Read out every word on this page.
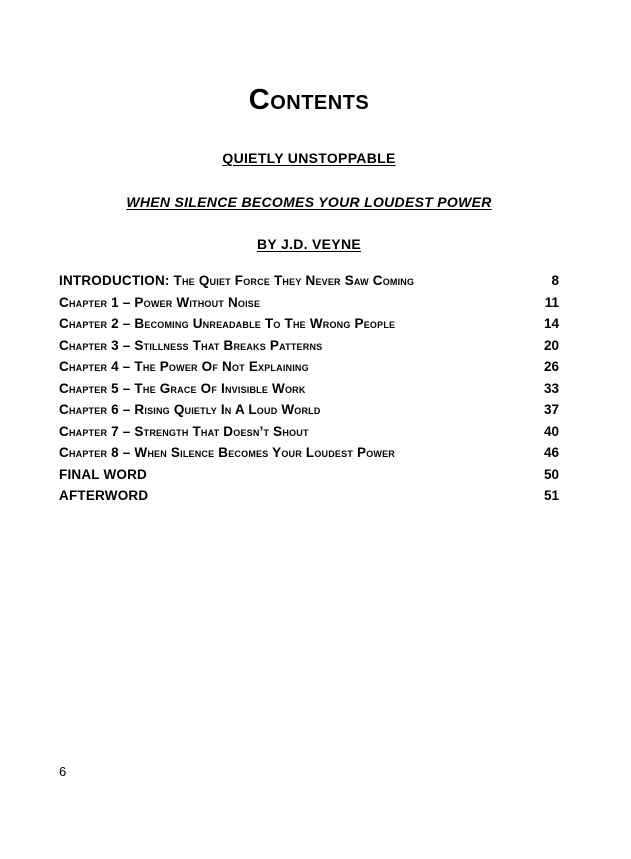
Contents
QUIETLY UNSTOPPABLE
WHEN SILENCE BECOMES YOUR LOUDEST POWER
BY J.D. VEYNE
INTRODUCTION: The Quiet Force They Never Saw Coming	8
Chapter 1 – Power Without Noise	11
Chapter 2 – Becoming Unreadable To The Wrong People	14
Chapter 3 – Stillness That Breaks Patterns	20
Chapter 4 – The Power Of Not Explaining	26
Chapter 5 – The Grace Of Invisible Work	33
Chapter 6 – Rising Quietly In A Loud World	37
Chapter 7 – Strength That Doesn’t Shout	40
Chapter 8 – When Silence Becomes Your Loudest Power	46
FINAL WORD	50
AFTERWORD	51
6
